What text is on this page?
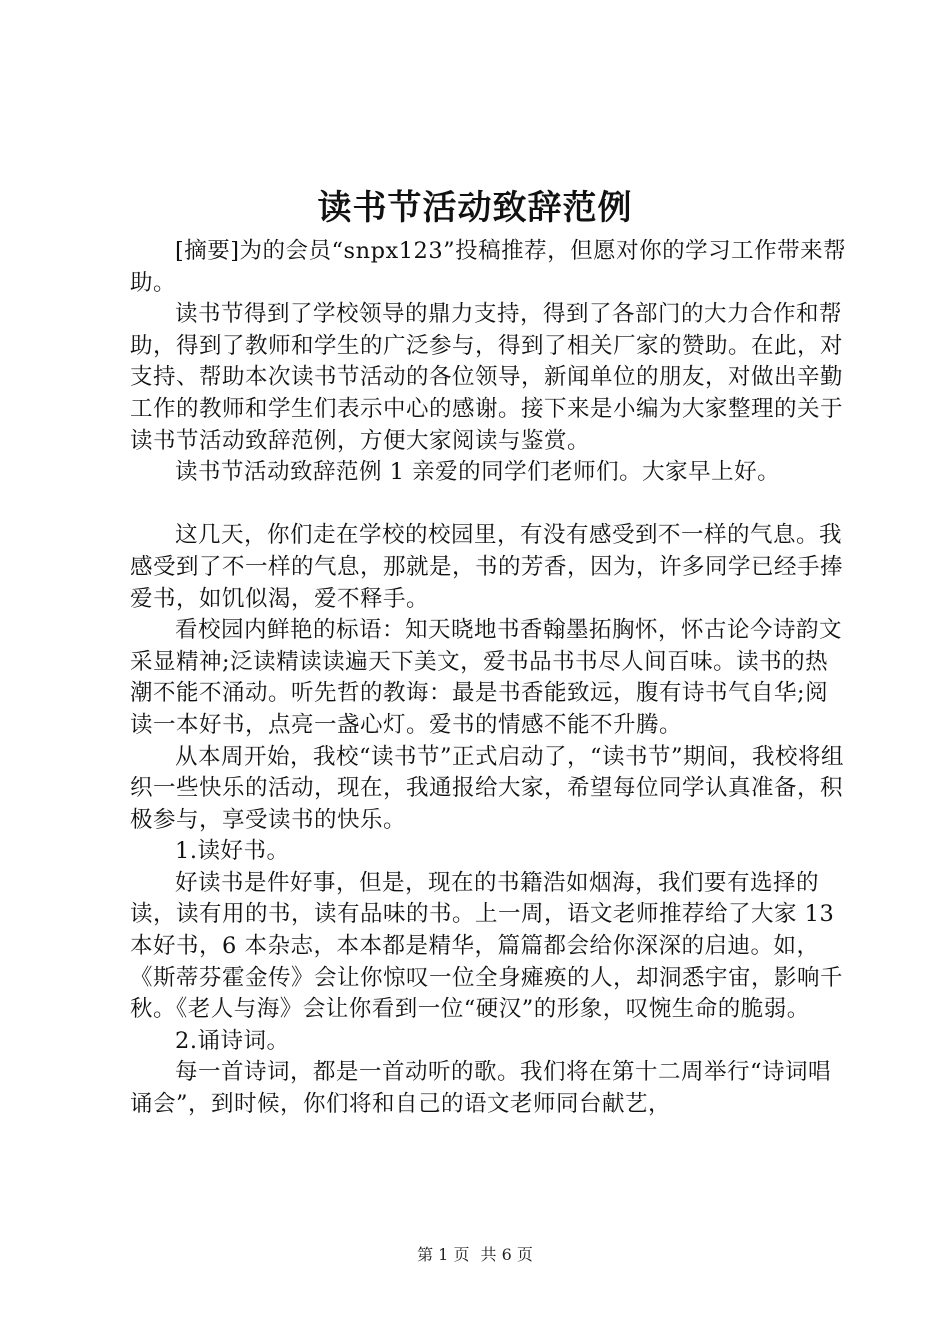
读书节活动致辞范例

[摘要]为的会员“snpx123”投稿推荐，但愿对你的学习工作带来帮助。

读书节得到了学校领导的鼎力支持，得到了各部门的大力合作和帮助，得到了教师和学生的广泛参与，得到了相关厂家的赞助。在此，对支持、帮助本次读书节活动的各位领导，新闻单位的朋友，对做出辛勤工作的教师和学生们表示中心的感谢。接下来是小编为大家整理的关于读书节活动致辞范例，方便大家阅读与鉴赏。

读书节活动致辞范例 1 亲爱的同学们老师们。大家早上好。

这几天，你们走在学校的校园里，有没有感受到不一样的气息。我感受到了不一样的气息，那就是，书的芳香，因为，许多同学已经手捧爱书，如饥似渴，爱不释手。

看校园内鲜艳的标语：知天晓地书香翰墨拓胸怀，怀古论今诗韵文采显精神;泛读精读读遍天下美文，爱书品书书尽人间百味。读书的热潮不能不涌动。听先哲的教诲：最是书香能致远，腹有诗书气自华;阅读一本好书，点亮一盏心灯。爱书的情感不能不升腾。

从本周开始，我校“读书节”正式启动了，“读书节”期间，我校将组织一些快乐的活动，现在，我通报给大家，希望每位同学认真准备，积极参与，享受读书的快乐。

1.读好书。

好读书是件好事，但是，现在的书籍浩如烟海，我们要有选择的读，读有用的书，读有品味的书。上一周，语文老师推荐给了大家 13 本好书，6 本杂志，本本都是精华，篇篇都会给你深深的启迪。如，《斯蒂芬霍金传》会让你惊叹一位全身瘫痪的人，却洞悉宇宙，影响千秋。《老人与海》会让你看到一位“硬汉”的形象，叹惋生命的脆弱。

2.诵诗词。

每一首诗词，都是一首动听的歌。我们将在第十二周举行“诗词唱诵会”，到时候，你们将和自己的语文老师同台献艺，

第 1 页 共 6 页
